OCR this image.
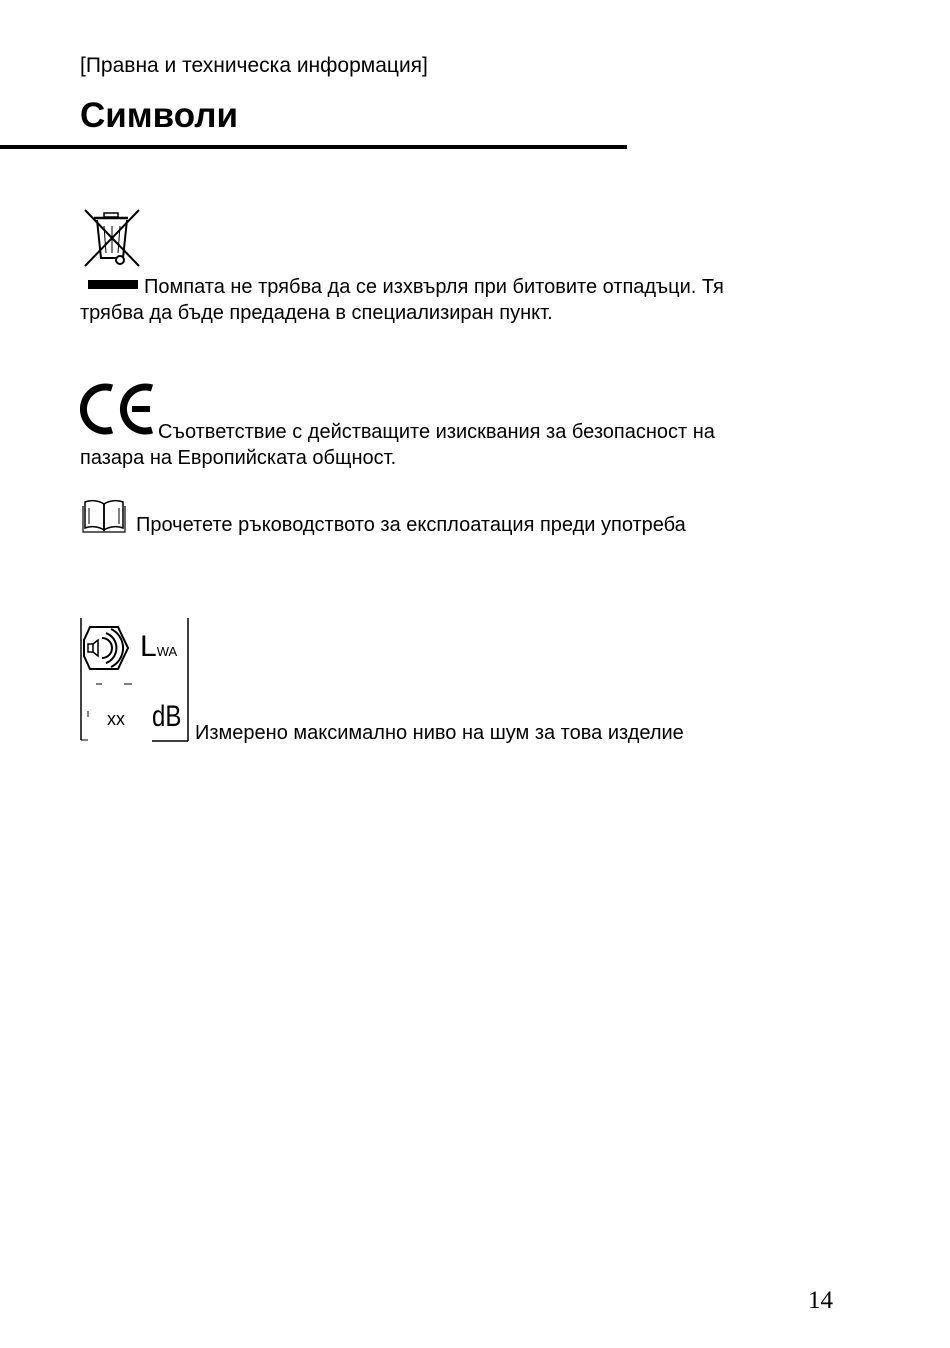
[Правна и техническа информация]
Символи
Помпата не трябва да се изхвърля при битовите отпадъци. Тя
трябва да бъде предадена в специализиран пункт.
Съответствие с действащите изисквания за безопасност на
пазара на Европийската общност.
Прочетете ръководството за експлоатация преди употреба
LWA
xx dB Измерено максимално ниво на шум за това изделие
14
